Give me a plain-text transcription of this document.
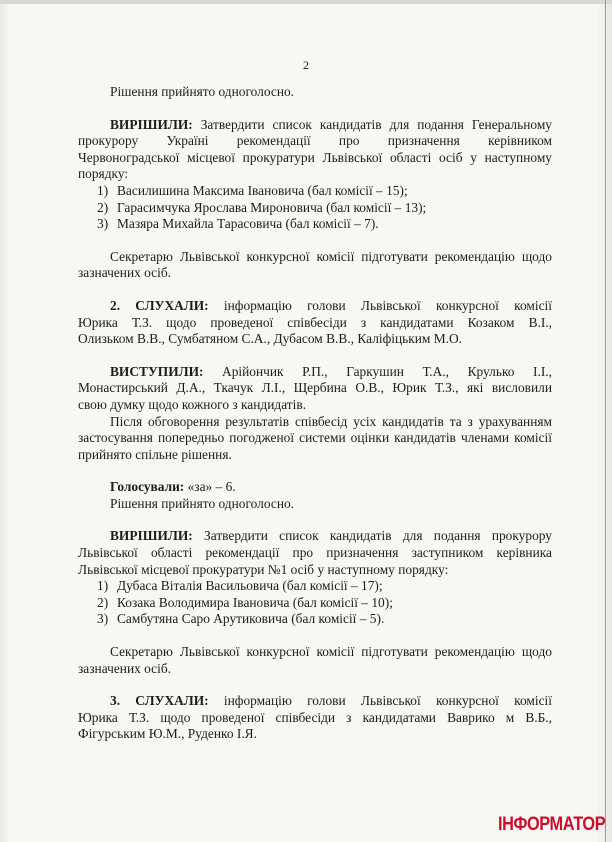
2

Рішення прийнято одноголосно.

ВИРІШИЛИ: Затвердити список кандидатів для подання Генеральному

прокурору Україні рекомендації про призначення керівником

Червоноградської місцевої прокуратури Львівської області осіб у наступному

порядку:

1) Василишина Максима Івановича (бал комісії – 15);

2) Гарасимчука Ярослава Мироновича (бал комісії – 13);

3) Мазяра Михайла Тарасовича (бал комісії – 7).

Секретарю Львівської конкурсної комісії підготувати рекомендацію щодо

зазначених осіб.

2. СЛУХАЛИ: інформацію голови Львівської конкурсної комісії

Юрика Т.З. щодо проведеної співбесіди з кандидатами Козаком В.І.,

Олизьком В.В., Сумбатяном С.А., Дубасом В.В., Каліфіцьким М.О.

ВИСТУПИЛИ: Арійончик Р.П., Гаркушин Т.А., Крулько І.І.,

Монастирський Д.А., Ткачук Л.І., Щербина О.В., Юрик Т.З., які висловили

свою думку щодо кожного з кандидатів.

Після обговорення результатів співбесід усіх кандидатів та з урахуванням

застосування попередньо погодженої системи оцінки кандидатів членами комісії

прийнято спільне рішення.

Голосували: «за» – 6.

Рішення прийнято одноголосно.

ВИРІШИЛИ: Затвердити список кандидатів для подання прокурору

Львівської області рекомендації про призначення заступником керівника

Львівської місцевої прокуратури №1 осіб у наступному порядку:

1) Дубаса Віталія Васильовича (бал комісії – 17);

2) Козака Володимира Івановича (бал комісії – 10);

3) Самбутяна Саро Арутиковича (бал комісії – 5).

Секретарю Львівської конкурсної комісії підготувати рекомендацію щодо

зазначених осіб.

3. СЛУХАЛИ: інформацію голови Львівської конкурсної комісії

Юрика Т.З. щодо проведеної співбесіди з кандидатами Ваврико м В.Б.,

Фігурським Ю.М., Руденко І.Я.

ІНФОРМАТОР
